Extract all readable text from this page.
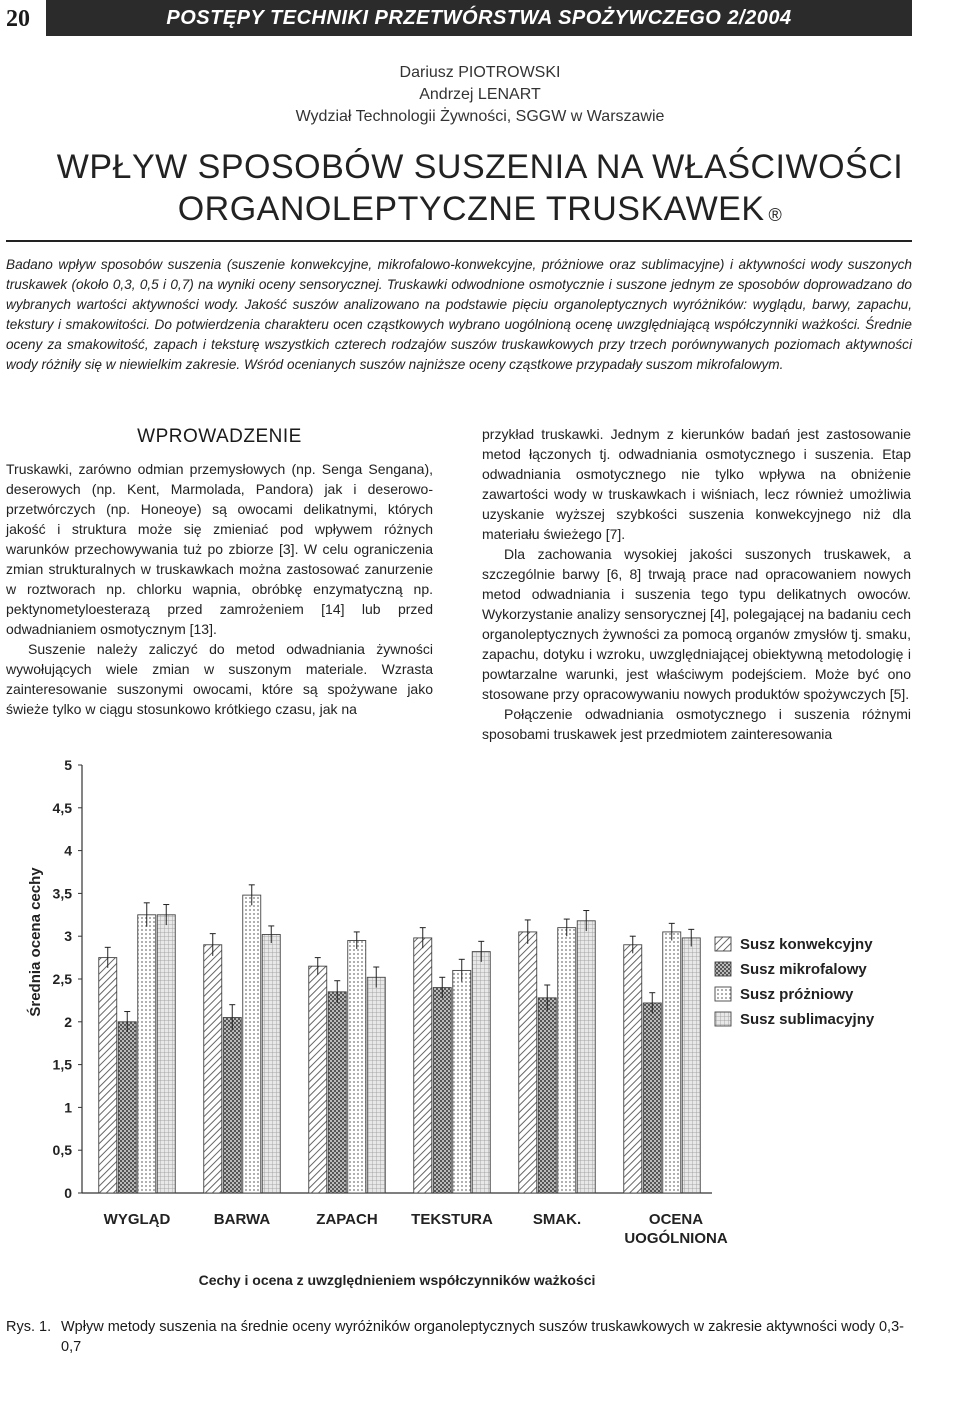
20	POSTĘPY TECHNIKI PRZETWÓRSTWA SPOŻYWCZEGO 2/2004
Dariusz PIOTROWSKI
Andrzej LENART
Wydział Technologii Żywności, SGGW w Warszawie
WPŁYW SPOSOBÓW SUSZENIA NA WŁAŚCIWOŚCI
ORGANOLEPTYCZNE TRUSKAWEK ®
Badano wpływ sposobów suszenia (suszenie konwekcyjne, mikrofalowo-konwekcyjne, próżniowe oraz sublimacyjne) i aktywności wody suszonych truskawek (około 0,3, 0,5 i 0,7) na wyniki oceny sensorycznej. Truskawki odwodnione osmotycznie i suszone jednym ze sposobów doprowadzano do wybranych wartości aktywności wody. Jakość suszów analizowano na podstawie pięciu organoleptycznych wyróżników: wyglądu, barwy, zapachu, tekstury i smakowitości. Do potwierdzenia charakteru ocen cząstkowych wybrano uogólnioną ocenę uwzględniającą współczynniki ważkości. Średnie oceny za smakowitość, zapach i teksturę wszystkich czterech rodzajów suszów truskawkowych przy trzech porównywanych poziomach aktywności wody różniły się w niewielkim zakresie. Wśród ocenianych suszów najniższe oceny cząstkowe przypadały suszom mikrofalowym.
WPROWADZENIE

Truskawki, zarówno odmian przemysłowych (np. Senga Sengana), deserowych (np. Kent, Marmolada, Pandora) jak i deserowo-przetwórczych (np. Honeoye) są owocami delikatnymi, których jakość i struktura może się zmieniać pod wpływem różnych warunków przechowywania tuż po zbiorze [3]. W celu ograniczenia zmian strukturalnych w truskawkach można zastosować zanurzenie w roztworach np. chlorku wapnia, obróbkę enzymatyczną np. pektynometyloesterazą przed zamrożeniem [14] lub przed odwadnianiem osmotycznym [13].

Suszenie należy zaliczyć do metod odwadniania żywności wywołujących wiele zmian w suszonym materiale. Wzrasta zainteresowanie suszonymi owocami, które są spożywane jako świeże tylko w ciągu stosunkowo krótkiego czasu, jak na

przykład truskawki. Jednym z kierunków badań jest zastosowanie metod łączonych tj. odwadniania osmotycznego i suszenia. Etap odwadniania osmotycznego nie tylko wpływa na obniżenie zawartości wody w truskawkach i wiśniach, lecz również umożliwia uzyskanie wyższej szybkości suszenia konwekcyjnego niż dla materiału świeżego [7].

Dla zachowania wysokiej jakości suszonych truskawek, a szczególnie barwy [6, 8] trwają prace nad opracowaniem nowych metod odwadniania i suszenia tego typu delikatnych owoców. Wykorzystanie analizy sensorycznej [4], polegającej na badaniu cech organoleptycznych żywności za pomocą organów zmysłów tj. smaku, zapachu, dotyku i wzroku, uwzględniającej obiektywną metodologię i powtarzalne warunki, jest właściwym podejściem. Może być ono stosowane przy opracowywaniu nowych produktów spożywczych [5].

Połączenie odwadniania osmotycznego i suszenia różnymi sposobami truskawek jest przedmiotem zainteresowania

0
0,5
1
1,5
2
2,5
3
3,5
4
4,5
5
WYGLĄD	BARWA	ZAPACH TEKSTURA	SMAK.	OCENA
UOGÓLNIONA
Susz konwekcyjny
Susz mikrofalowy
Susz próżniowy
Susz sublimacyjny
Średnia ocena cechy
Cechy i ocena z uwzględnieniem współczynników ważkości
Rys. 1. Wpływ metody suszenia na średnie oceny wyróżników organoleptycznych suszów truskawkowych w zakresie aktywności wody 0,3-0,7
